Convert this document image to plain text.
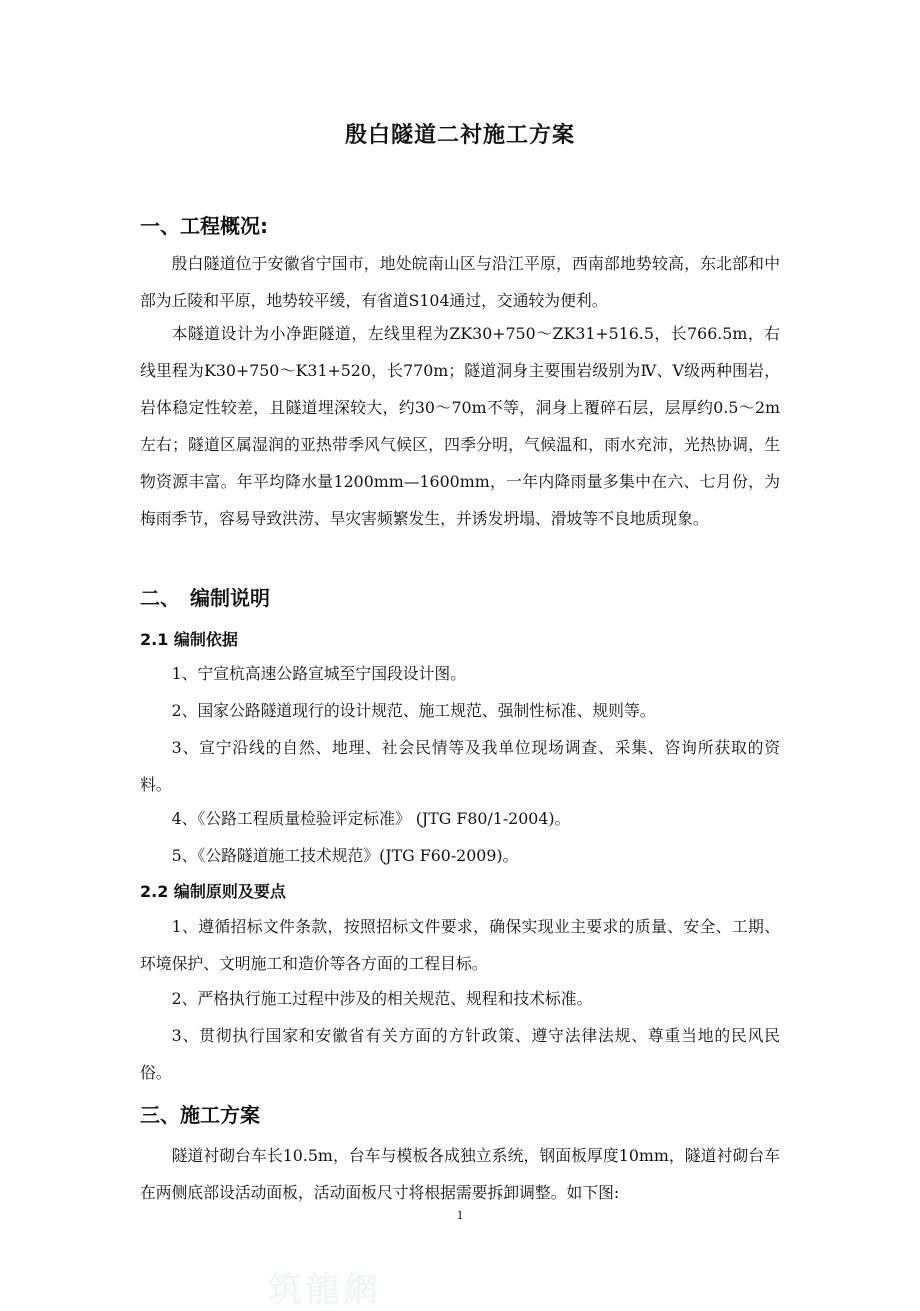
殷白隧道二衬施工方案
一、工程概况:

殷白隧道位于安徽省宁国市，地处皖南山区与沿江平原，西南部地势较高，东北部和中部为丘陵和平原，地势较平缓，有省道S104通过，交通较为便利。

本隧道设计为小净距隧道，左线里程为ZK30+750～ZK31+516.5，长766.5m，右线里程为K30+750～K31+520，长770m；隧道洞身主要围岩级别为Ⅳ、Ⅴ级两种围岩，岩体稳定性较差，且隧道埋深较大，约30～70m不等，洞身上覆碎石层，层厚约0.5～2m左右；隧道区属湿润的亚热带季风气候区，四季分明，气候温和，雨水充沛，光热协调，生物资源丰富。年平均降水量1200mm—1600mm，一年内降雨量多集中在六、七月份，为梅雨季节，容易导致洪涝、旱灾害频繁发生，并诱发坍塌、滑坡等不良地质现象。

二、　编制说明
2.1 编制依据

1、宁宣杭高速公路宣城至宁国段设计图。

2、国家公路隧道现行的设计规范、施工规范、强制性标准、规则等。

3、宣宁沿线的自然、地理、社会民情等及我单位现场调查、采集、咨询所获取的资料。

4、《公路工程质量检验评定标准》 (JTG F80/1-2004)。

5、《公路隧道施工技术规范》(JTG F60-2009)。

2.2 编制原则及要点

1、遵循招标文件条款，按照招标文件要求，确保实现业主要求的质量、安全、工期、环境保护、文明施工和造价等各方面的工程目标。

2、严格执行施工过程中涉及的相关规范、规程和技术标准。

3、贯彻执行国家和安徽省有关方面的方针政策、遵守法律法规、尊重当地的民风民俗。

三、施工方案

隧道衬砌台车长10.5m，台车与模板各成独立系统，钢面板厚度10mm，隧道衬砌台车在两侧底部设活动面板，活动面板尺寸将根据需要拆卸调整。如下图:

1
筑龍網
